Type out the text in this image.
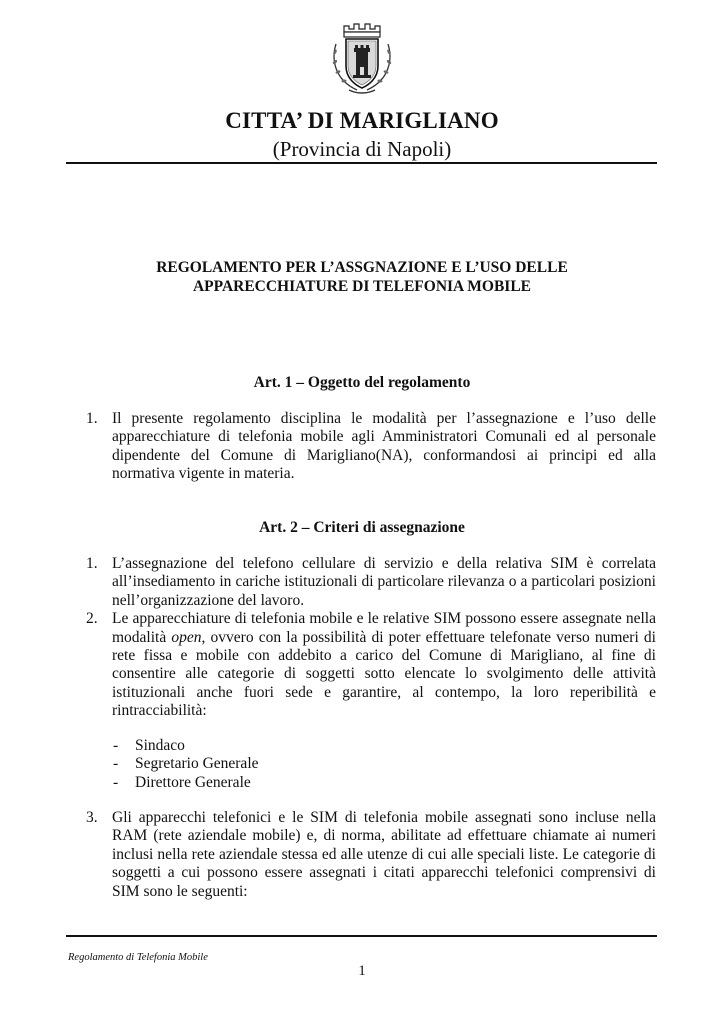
CITTA’ DI MARIGLIANO
(Provincia di Napoli)
REGOLAMENTO PER L’ASSGNAZIONE E L’USO DELLE
APPARECCHIATURE DI TELEFONIA MOBILE
Art. 1 – Oggetto del regolamento
1. Il presente regolamento disciplina le modalità per l’assegnazione e l’uso delle apparecchiature di telefonia mobile agli Amministratori Comunali ed al personale dipendente del Comune di Marigliano(NA), conformandosi ai principi ed alla normativa vigente in materia.
Art. 2 – Criteri di assegnazione
1. L’assegnazione del telefono cellulare di servizio e della relativa SIM è correlata all’insediamento in cariche istituzionali di particolare rilevanza o a particolari posizioni nell’organizzazione del lavoro.
2. Le apparecchiature di telefonia mobile e le relative SIM possono essere assegnate nella modalità open, ovvero con la possibilità di poter effettuare telefonate verso numeri di rete fissa e mobile con addebito a carico del Comune di Marigliano, al fine di consentire alle categorie di soggetti sotto elencate lo svolgimento delle attività istituzionali anche fuori sede e garantire, al contempo, la loro reperibilità e rintracciabilità:
- Sindaco
- Segretario Generale
- Direttore Generale
3. Gli apparecchi telefonici e le SIM di telefonia mobile assegnati sono incluse nella RAM (rete aziendale mobile) e, di norma, abilitate ad effettuare chiamate ai numeri inclusi nella rete aziendale stessa ed alle utenze di cui alle speciali liste. Le categorie di soggetti a cui possono essere assegnati i citati apparecchi telefonici comprensivi di SIM sono le seguenti:
Regolamento di Telefonia Mobile
1
